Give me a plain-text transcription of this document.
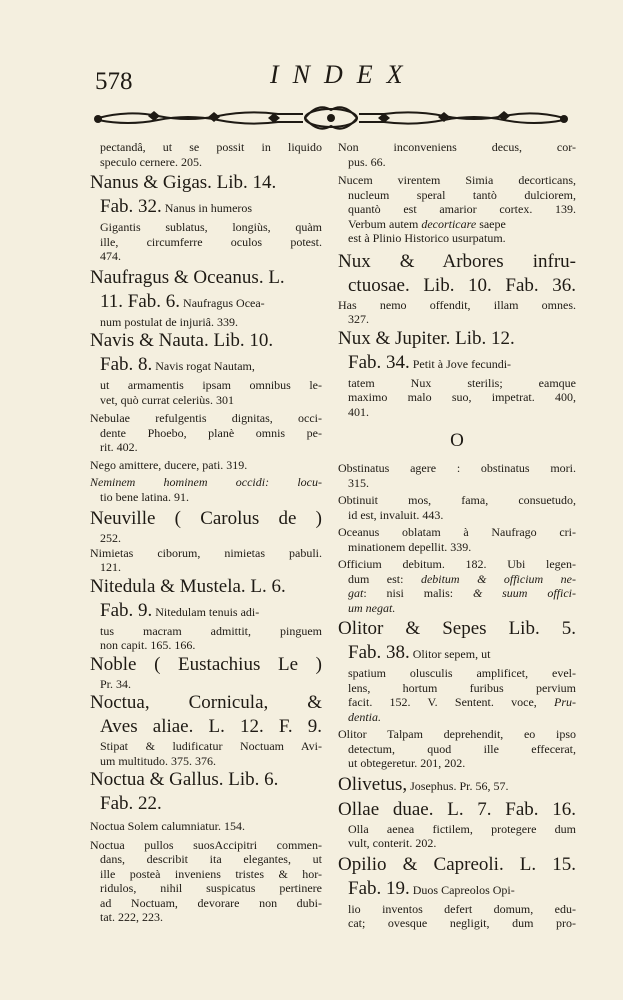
578	INDEX

pectandâ, ut se possit in liquido

speculo cernere. 205.

Nanus & Gigas. Lib. 14.

Fab. 32. Nanus in humeros

Gigantis sublatus, longiùs, quàm

ille, circumferre oculos potest.

474.

Naufragus & Oceanus. L.

11. Fab. 6. Naufragus Ocea-

num postulat de injuriâ. 339.

Navis & Nauta. Lib. 10.

Fab. 8. Navis rogat Nautam,

ut armamentis ipsam omnibus le-

vet, quò currat celeriùs. 301

Nebulae refulgentis dignitas, occi-

dente Phoebo, planè omnis pe-

rit. 402.

Nego amittere, ducere, pati. 319.

Neminem hominem occidi: locu-

tio bene latina. 91.

Neuville ( Carolus de )

252.

Nimietas ciborum, nimietas pabuli.

121.

Nitedula & Mustela. L. 6.

Fab. 9. Nitedulam tenuis adi-

tus macram admittit, pinguem

non capit. 165. 166.

Noble ( Eustachius Le )

Pr. 34.

Noctua, Cornicula, &

Aves aliae. L. 12. F. 9.

Stipat & ludificatur Noctuam Avi-

um multitudo. 375. 376.

Noctua & Gallus. Lib. 6.

Fab. 22.

Noctua Solem calumniatur. 154.

Noctua pullos suosAccipitri commen-

dans, describit ita elegantes, ut

ille posteà inveniens tristes & hor-

ridulos, nihil suspicatus pertinere

ad Noctuam, devorare non dubi-

tat. 222, 223.

Non inconveniens decus, cor-

pus. 66.

Nucem virentem Simia decorticans,

nucleum speral tantò dulciorem,

quantò est amarior cortex. 139.

Verbum autem decorticare saepe

est à Plinio Historico usurpatum.

Nux & Arbores infru-

ctuosae. Lib. 10. Fab. 36.

Has nemo offendit, illam omnes.

327.

Nux & Jupiter. Lib. 12.

Fab. 34. Petit à Jove fecundi-

tatem Nux sterilis; eamque

maximo malo suo, impetrat. 400,

401.

O

Obstinatus agere : obstinatus mori.

315.

Obtinuit mos, fama, consuetudo,

id est, invaluit. 443.

Oceanus oblatam à Naufrago cri-

minationem depellit. 339.

Officium debitum. 182. Ubi legen-

dum est: debitum & officium ne-

gat: nisi malis: & suum offici-

um negat.

Olitor & Sepes Lib. 5.

Fab. 38. Olitor sepem, ut

spatium olusculis amplificet, evel-

lens, hortum furibus pervium

facit. 152. V. Sentent. voce, Pru-

dentia.

Olitor Talpam deprehendit, eo ipso

detectum, quod ille effecerat,

ut obtegeretur. 201, 202.

Olivetus, Josephus. Pr. 56, 57.

Ollae duae. L. 7. Fab. 16.

Olla aenea fictilem, protegere dum

vult, conterit. 202.

Opilio & Capreoli. L. 15.

Fab. 19. Duos Capreolos Opi-

lio inventos defert domum, edu-

cat; ovesque negligit, dum pro-
